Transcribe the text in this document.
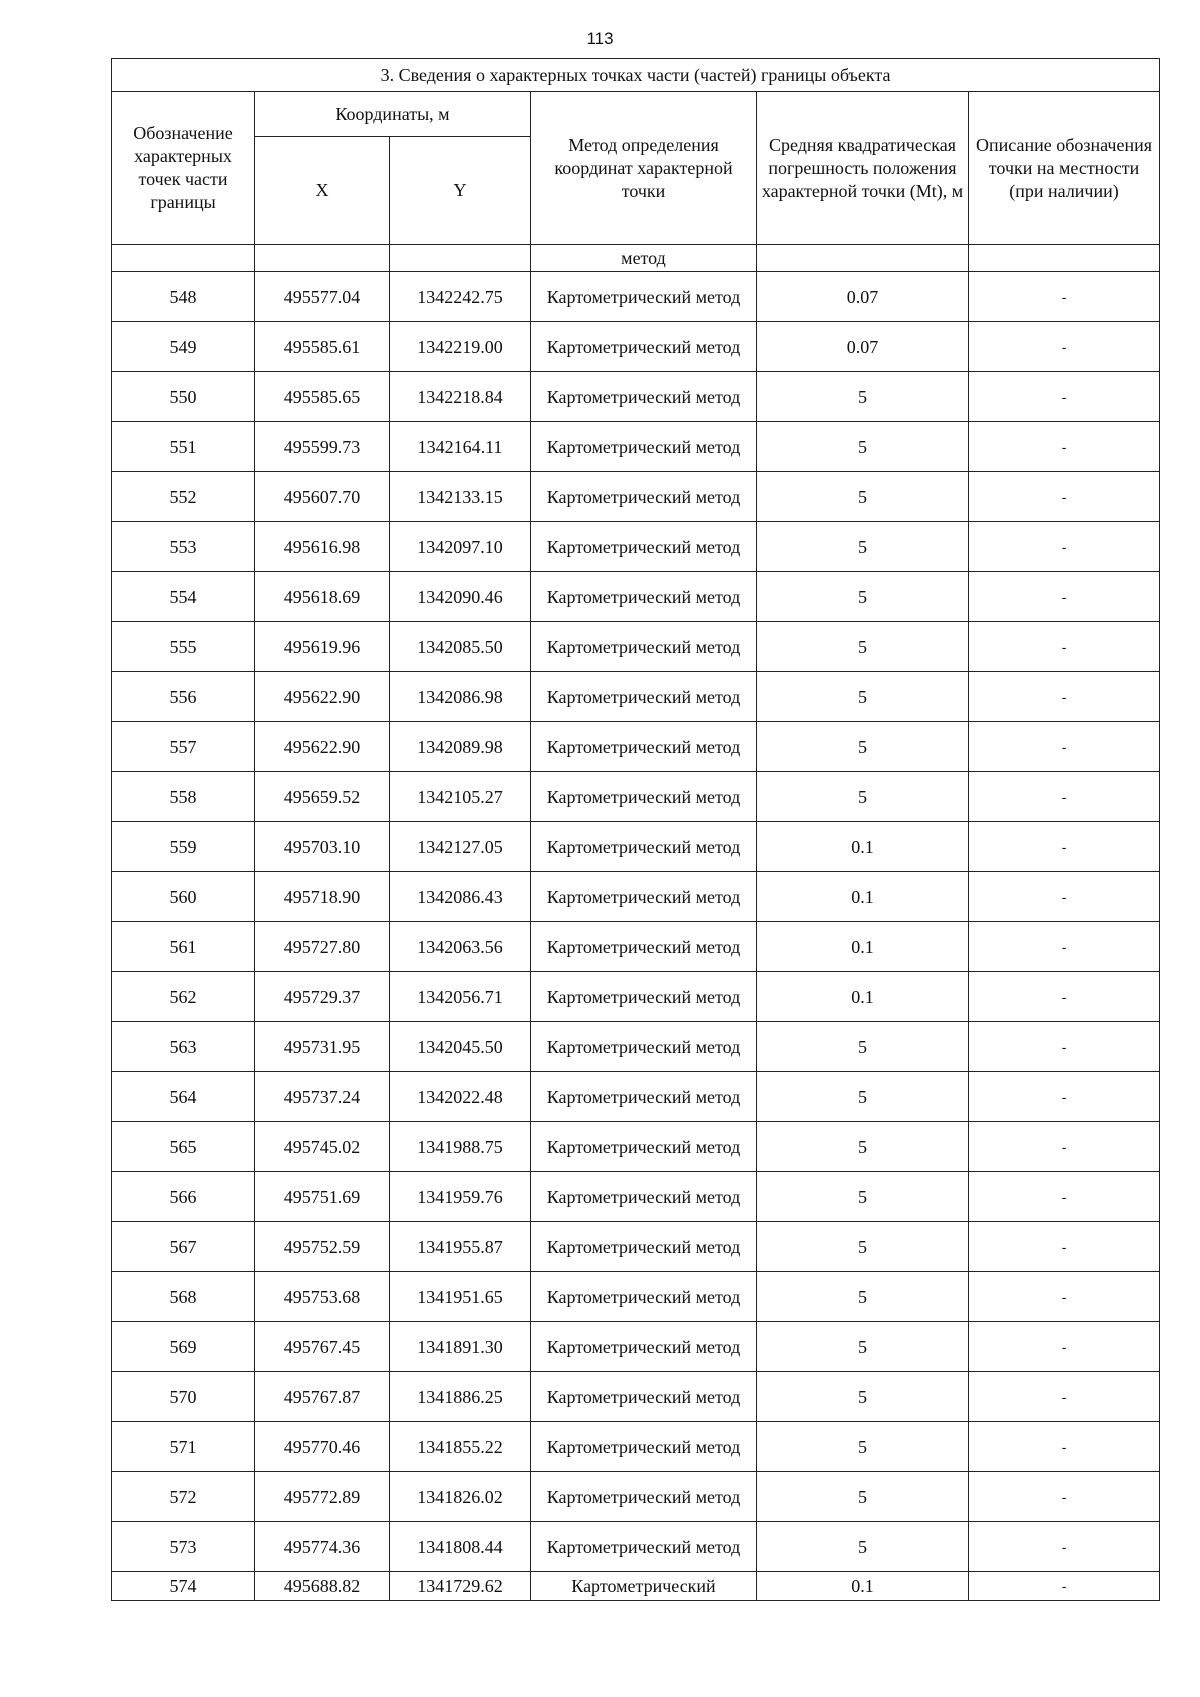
113
3. Сведения о характерных точках части (частей) границы объекта					
Обозначение характерных точек части границы	Координаты, м		Метод определения координат характерной точки	Средняя квадратическая погрешность положения характерной точки (Mt), м	Описание обозначения точки на местности (при наличии)
	X	Y			
			метод		
548	495577.04	1342242.75	Картометрический метод	0.07	-
549	495585.61	1342219.00	Картометрический метод	0.07	-
550	495585.65	1342218.84	Картометрический метод	5	-
551	495599.73	1342164.11	Картометрический метод	5	-
552	495607.70	1342133.15	Картометрический метод	5	-
553	495616.98	1342097.10	Картометрический метод	5	-
554	495618.69	1342090.46	Картометрический метод	5	-
555	495619.96	1342085.50	Картометрический метод	5	-
556	495622.90	1342086.98	Картометрический метод	5	-
557	495622.90	1342089.98	Картометрический метод	5	-
558	495659.52	1342105.27	Картометрический метод	5	-
559	495703.10	1342127.05	Картометрический метод	0.1	-
560	495718.90	1342086.43	Картометрический метод	0.1	-
561	495727.80	1342063.56	Картометрический метод	0.1	-
562	495729.37	1342056.71	Картометрический метод	0.1	-
563	495731.95	1342045.50	Картометрический метод	5	-
564	495737.24	1342022.48	Картометрический метод	5	-
565	495745.02	1341988.75	Картометрический метод	5	-
566	495751.69	1341959.76	Картометрический метод	5	-
567	495752.59	1341955.87	Картометрический метод	5	-
568	495753.68	1341951.65	Картометрический метод	5	-
569	495767.45	1341891.30	Картометрический метод	5	-
570	495767.87	1341886.25	Картометрический метод	5	-
571	495770.46	1341855.22	Картометрический метод	5	-
572	495772.89	1341826.02	Картометрический метод	5	-
573	495774.36	1341808.44	Картометрический метод	5	-
574	495688.82	1341729.62	Картометрический	0.1	-
